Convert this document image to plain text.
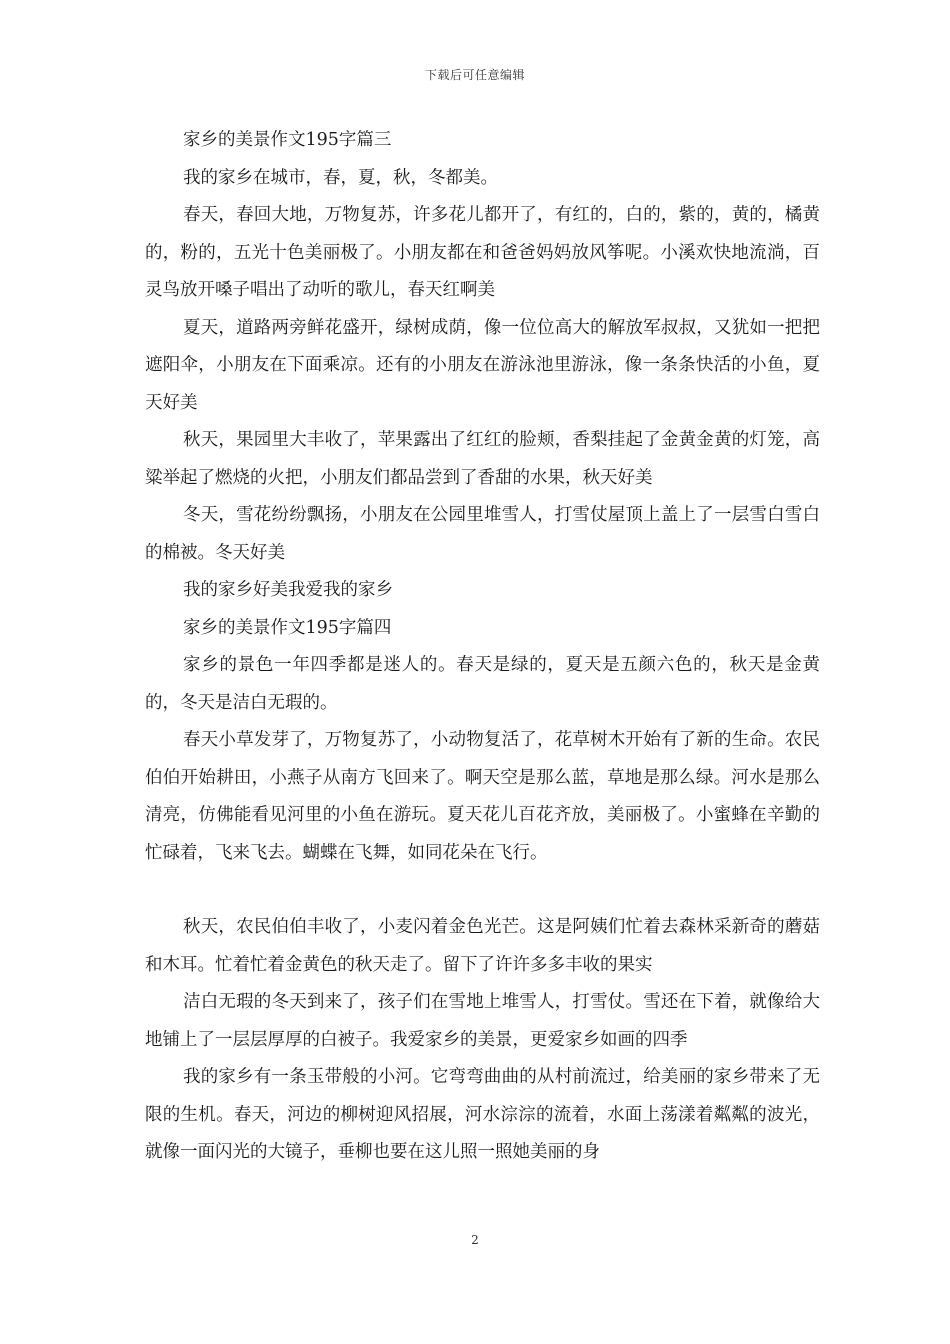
下载后可任意编辑

家乡的美景作文195字篇三

我的家乡在城市，春，夏，秋，冬都美。

春天，春回大地，万物复苏，许多花儿都开了，有红的，白的，紫的，黄的，橘黄的，粉的，五光十色美丽极了。小朋友都在和爸爸妈妈放风筝呢。小溪欢快地流淌，百灵鸟放开嗓子唱出了动听的歌儿，春天红啊美

夏天，道路两旁鲜花盛开，绿树成荫，像一位位高大的解放军叔叔，又犹如一把把遮阳伞，小朋友在下面乘凉。还有的小朋友在游泳池里游泳，像一条条快活的小鱼，夏天好美

秋天，果园里大丰收了，苹果露出了红红的脸颊，香梨挂起了金黄金黄的灯笼，高粱举起了燃烧的火把，小朋友们都品尝到了香甜的水果，秋天好美

冬天，雪花纷纷飘扬，小朋友在公园里堆雪人，打雪仗屋顶上盖上了一层雪白雪白的棉被。冬天好美

我的家乡好美我爱我的家乡

家乡的美景作文195字篇四

家乡的景色一年四季都是迷人的。春天是绿的，夏天是五颜六色的，秋天是金黄的，冬天是洁白无瑕的。

春天小草发芽了，万物复苏了，小动物复活了，花草树木开始有了新的生命。农民伯伯开始耕田，小燕子从南方飞回来了。啊天空是那么蓝，草地是那么绿。河水是那么清亮，仿佛能看见河里的小鱼在游玩。夏天花儿百花齐放，美丽极了。小蜜蜂在辛勤的忙碌着，飞来飞去。蝴蝶在飞舞，如同花朵在飞行。

秋天，农民伯伯丰收了，小麦闪着金色光芒。这是阿姨们忙着去森林采新奇的蘑菇和木耳。忙着忙着金黄色的秋天走了。留下了许许多多丰收的果实

洁白无瑕的冬天到来了，孩子们在雪地上堆雪人，打雪仗。雪还在下着，就像给大地铺上了一层层厚厚的白被子。我爱家乡的美景，更爱家乡如画的四季

我的家乡有一条玉带般的小河。它弯弯曲曲的从村前流过，给美丽的家乡带来了无限的生机。春天，河边的柳树迎风招展，河水淙淙的流着，水面上荡漾着粼粼的波光，就像一面闪光的大镜子，垂柳也要在这儿照一照她美丽的身

2
